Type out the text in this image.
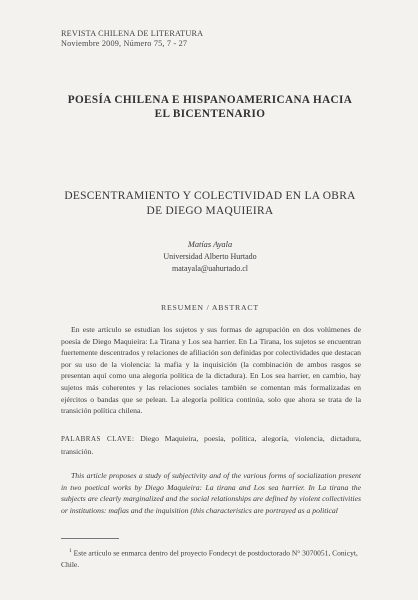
REVISTA CHILENA DE LITERATURA
Noviembre 2009, Número 75, 7 - 27
POESÍA CHILENA E HISPANOAMERICANA HACIA
EL BICENTENARIO
DESCENTRAMIENTO Y COLECTIVIDAD EN LA OBRA
DE DIEGO MAQUIEIRA
Matías Ayala
Universidad Alberto Hurtado
matayala@uahurtado.cl
RESUMEN / ABSTRACT
En este artículo se estudian los sujetos y sus formas de agrupación en dos volúmenes de poesía de Diego Maquieira: La Tirana y Los sea harrier. En La Tirana, los sujetos se encuentran fuertemente descentrados y relaciones de afiliación son definidas por colectividades que destacan por su uso de la violencia: la mafia y la inquisición (la combinación de ambos rasgos se presentan aquí como una alegoría política de la dictadura). En Los sea harrier, en cambio, hay sujetos más coherentes y las relaciones sociales también se comentan más formalizadas en ejércitos o bandas que se pelean. La alegoría política continúa, solo que ahora se trata de la transición política chilena.
PALABRAS CLAVE: Diego Maquieira, poesía, política, alegoría, violencia, dictadura, transición.
This article proposes a study of subjectivity and of the various forms of socialization present in two poetical works by Diego Maquieira: La tirana and Los sea harrier. In La tirana the subjects are clearly marginalized and the social relationships are defined by violent collectivities or institutions: mafias and the inquisition (this characteristics are portrayed as a political
$^1$ Este artículo se enmarca dentro del proyecto Fondecyt de postdoctorado N° 3070051, Conicyt, Chile.
